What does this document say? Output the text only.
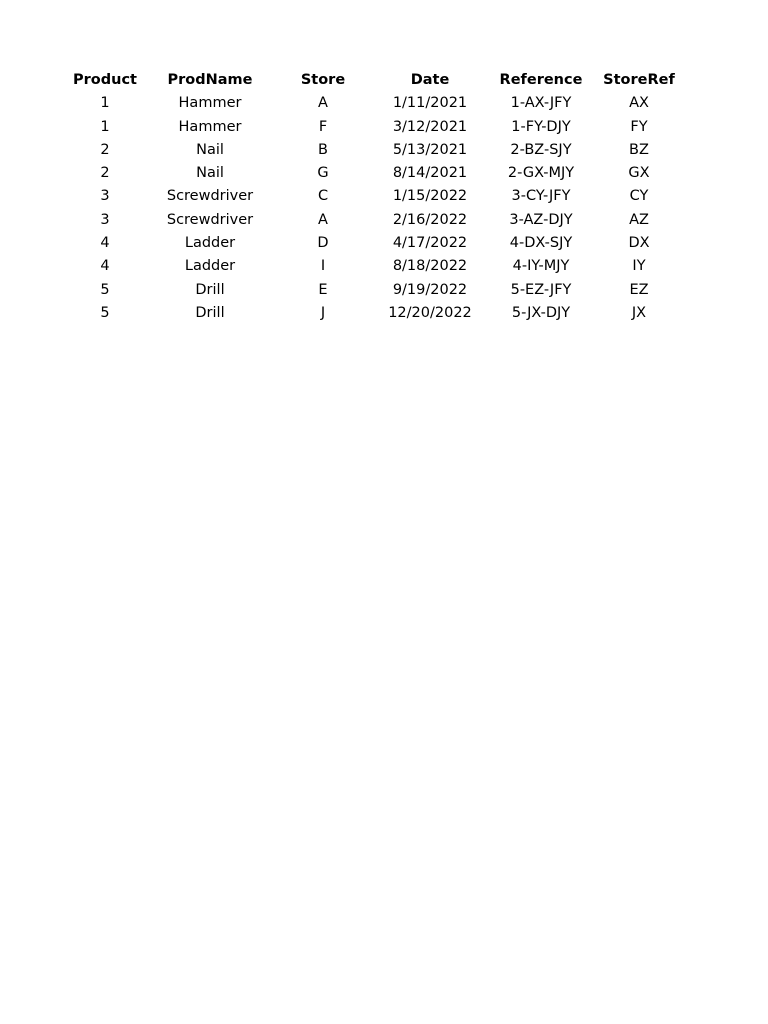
Product	ProdName	Store	Date	Reference	StoreRef
1	Hammer	A	1/11/2021	1-AX-JFY	AX
1	Hammer	F	3/12/2021	1-FY-DJY	FY
2	Nail	B	5/13/2021	2-BZ-SJY	BZ
2	Nail	G	8/14/2021	2-GX-MJY	GX
3	Screwdriver	C	1/15/2022	3-CY-JFY	CY
3	Screwdriver	A	2/16/2022	3-AZ-DJY	AZ
4	Ladder	D	4/17/2022	4-DX-SJY	DX
4	Ladder	I	8/18/2022	4-IY-MJY	IY
5	Drill	E	9/19/2022	5-EZ-JFY	EZ
5	Drill	J	12/20/2022	5-JX-DJY	JX
